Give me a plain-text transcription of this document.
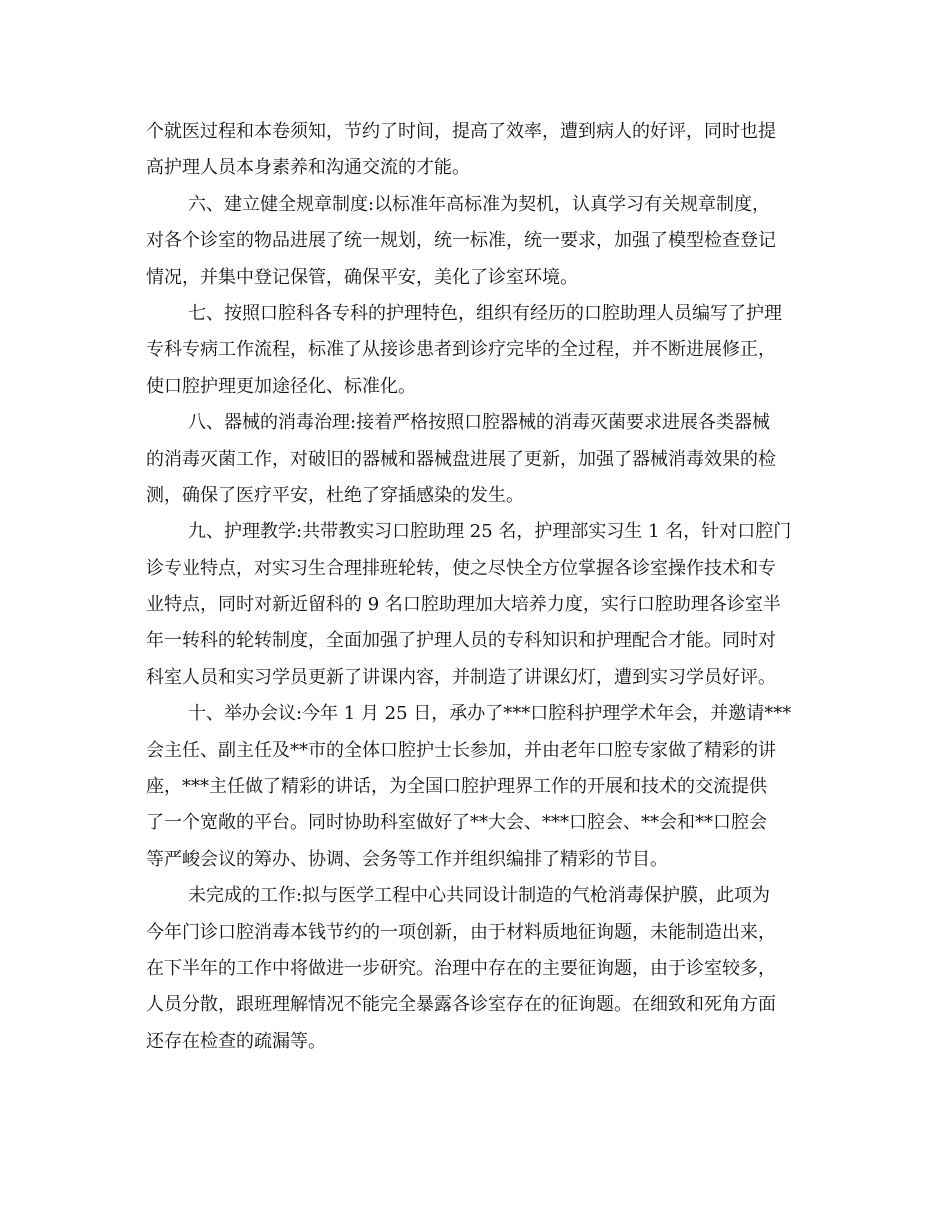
个就医过程和本卷须知，节约了时间，提高了效率，遭到病人的好评，同时也提
高护理人员本身素养和沟通交流的才能。
六、建立健全规章制度:以标准年高标准为契机，认真学习有关规章制度，
对各个诊室的物品进展了统一规划，统一标准，统一要求，加强了模型检查登记
情况，并集中登记保管，确保平安，美化了诊室环境。
七、按照口腔科各专科的护理特色，组织有经历的口腔助理人员编写了护理
专科专病工作流程，标准了从接诊患者到诊疗完毕的全过程，并不断进展修正，
使口腔护理更加途径化、标准化。
八、器械的消毒治理:接着严格按照口腔器械的消毒灭菌要求进展各类器械
的消毒灭菌工作，对破旧的器械和器械盘进展了更新，加强了器械消毒效果的检
测，确保了医疗平安，杜绝了穿插感染的发生。
九、护理教学:共带教实习口腔助理 25 名，护理部实习生 1 名，针对口腔门
诊专业特点，对实习生合理排班轮转，使之尽快全方位掌握各诊室操作技术和专
业特点，同时对新近留科的 9 名口腔助理加大培养力度，实行口腔助理各诊室半
年一转科的轮转制度，全面加强了护理人员的专科知识和护理配合才能。同时对
科室人员和实习学员更新了讲课内容，并制造了讲课幻灯，遭到实习学员好评。
十、举办会议:今年 1 月 25 日，承办了***口腔科护理学术年会，并邀请***
会主任、副主任及**市的全体口腔护士长参加，并由老年口腔专家做了精彩的讲
座，***主任做了精彩的讲话，为全国口腔护理界工作的开展和技术的交流提供
了一个宽敞的平台。同时协助科室做好了**大会、***口腔会、**会和**口腔会
等严峻会议的筹办、协调、会务等工作并组织编排了精彩的节目。
未完成的工作:拟与医学工程中心共同设计制造的气枪消毒保护膜，此项为
今年门诊口腔消毒本钱节约的一项创新，由于材料质地征询题，未能制造出来，
在下半年的工作中将做进一步研究。治理中存在的主要征询题，由于诊室较多，
人员分散，跟班理解情况不能完全暴露各诊室存在的征询题。在细致和死角方面
还存在检查的疏漏等。
